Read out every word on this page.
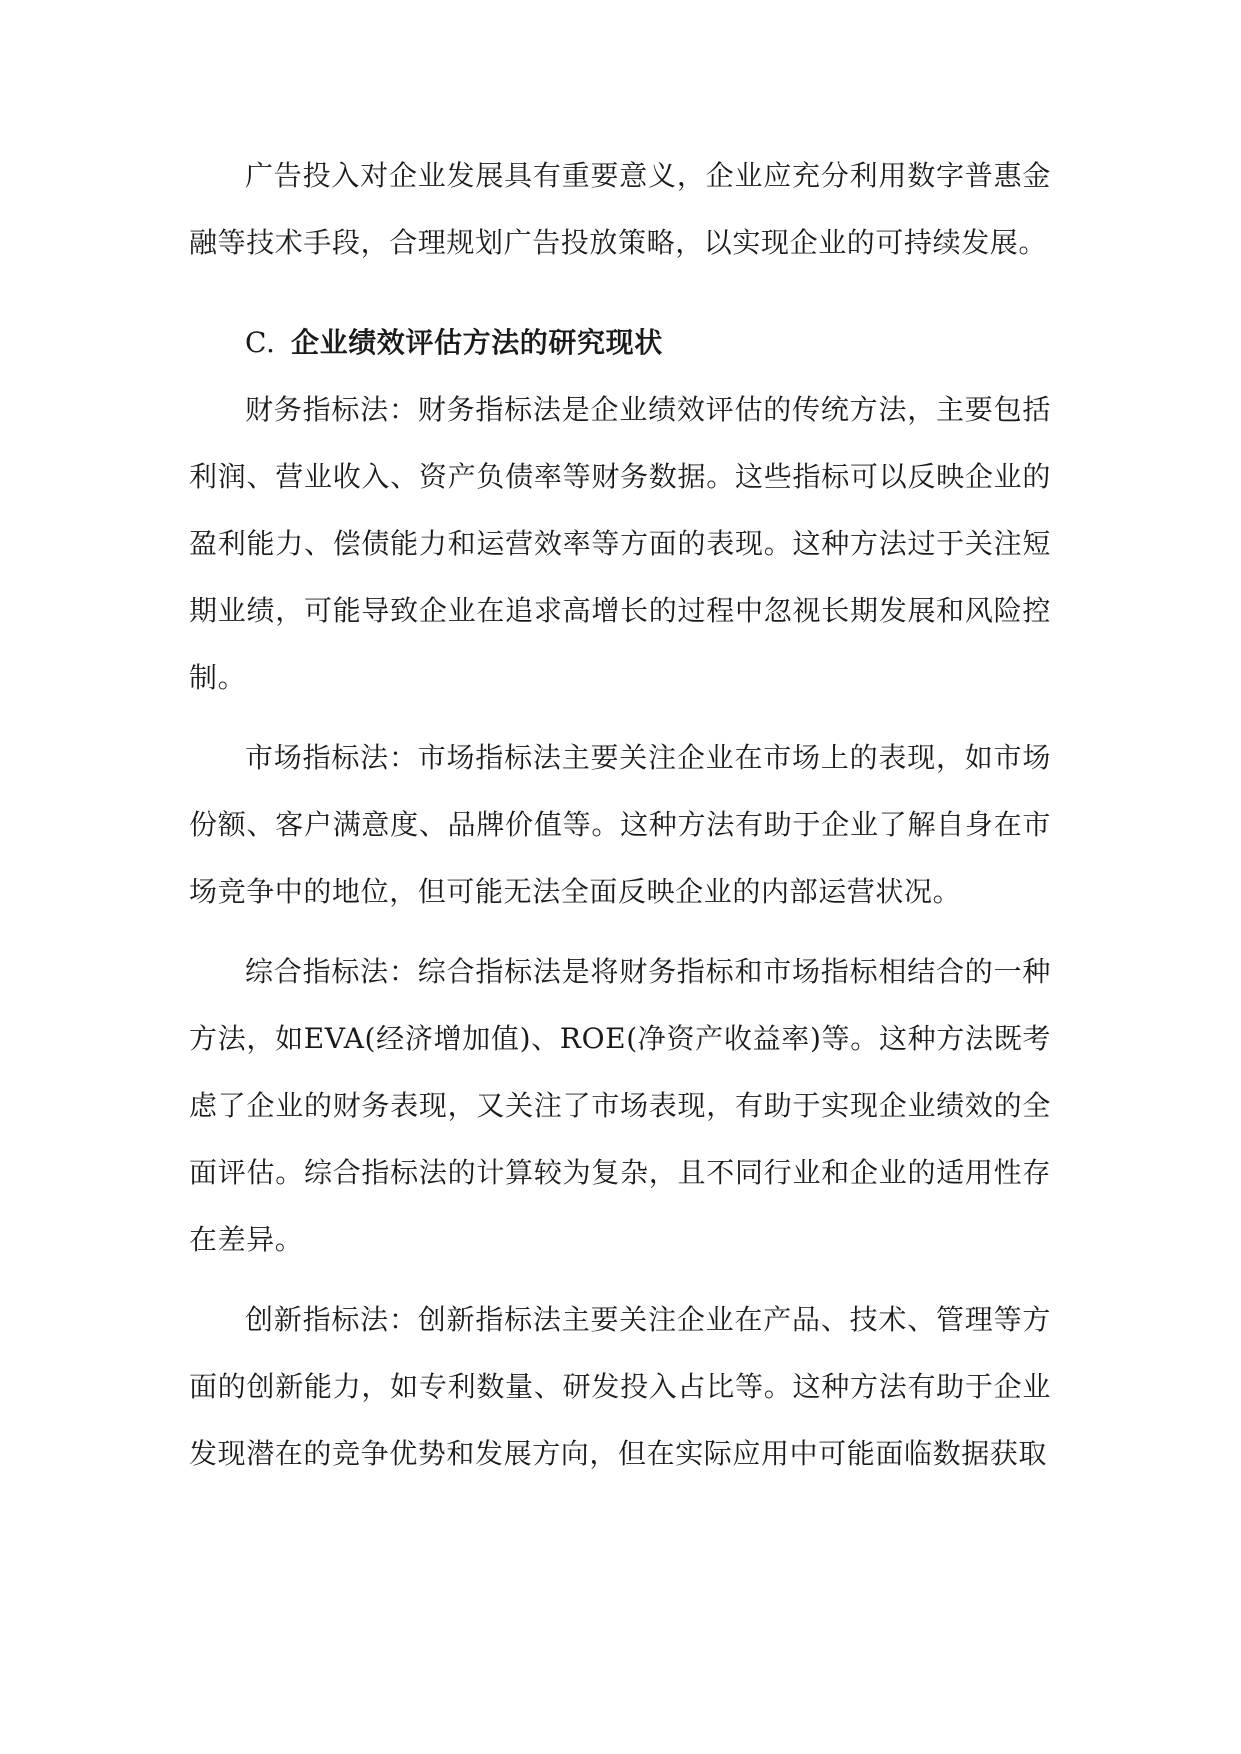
广告投入对企业发展具有重要意义，企业应充分利用数字普惠金融等技术手段，合理规划广告投放策略，以实现企业的可持续发展。

C. 企业绩效评估方法的研究现状

财务指标法：财务指标法是企业绩效评估的传统方法，主要包括利润、营业收入、资产负债率等财务数据。这些指标可以反映企业的盈利能力、偿债能力和运营效率等方面的表现。这种方法过于关注短期业绩，可能导致企业在追求高增长的过程中忽视长期发展和风险控制。

市场指标法：市场指标法主要关注企业在市场上的表现，如市场份额、客户满意度、品牌价值等。这种方法有助于企业了解自身在市场竞争中的地位，但可能无法全面反映企业的内部运营状况。

综合指标法：综合指标法是将财务指标和市场指标相结合的一种方法，如EVA(经济增加值)、ROE(净资产收益率)等。这种方法既考虑了企业的财务表现，又关注了市场表现，有助于实现企业绩效的全面评估。综合指标法的计算较为复杂，且不同行业和企业的适用性存在差异。

创新指标法：创新指标法主要关注企业在产品、技术、管理等方面的创新能力，如专利数量、研发投入占比等。这种方法有助于企业发现潜在的竞争优势和发展方向，但在实际应用中可能面临数据获取
